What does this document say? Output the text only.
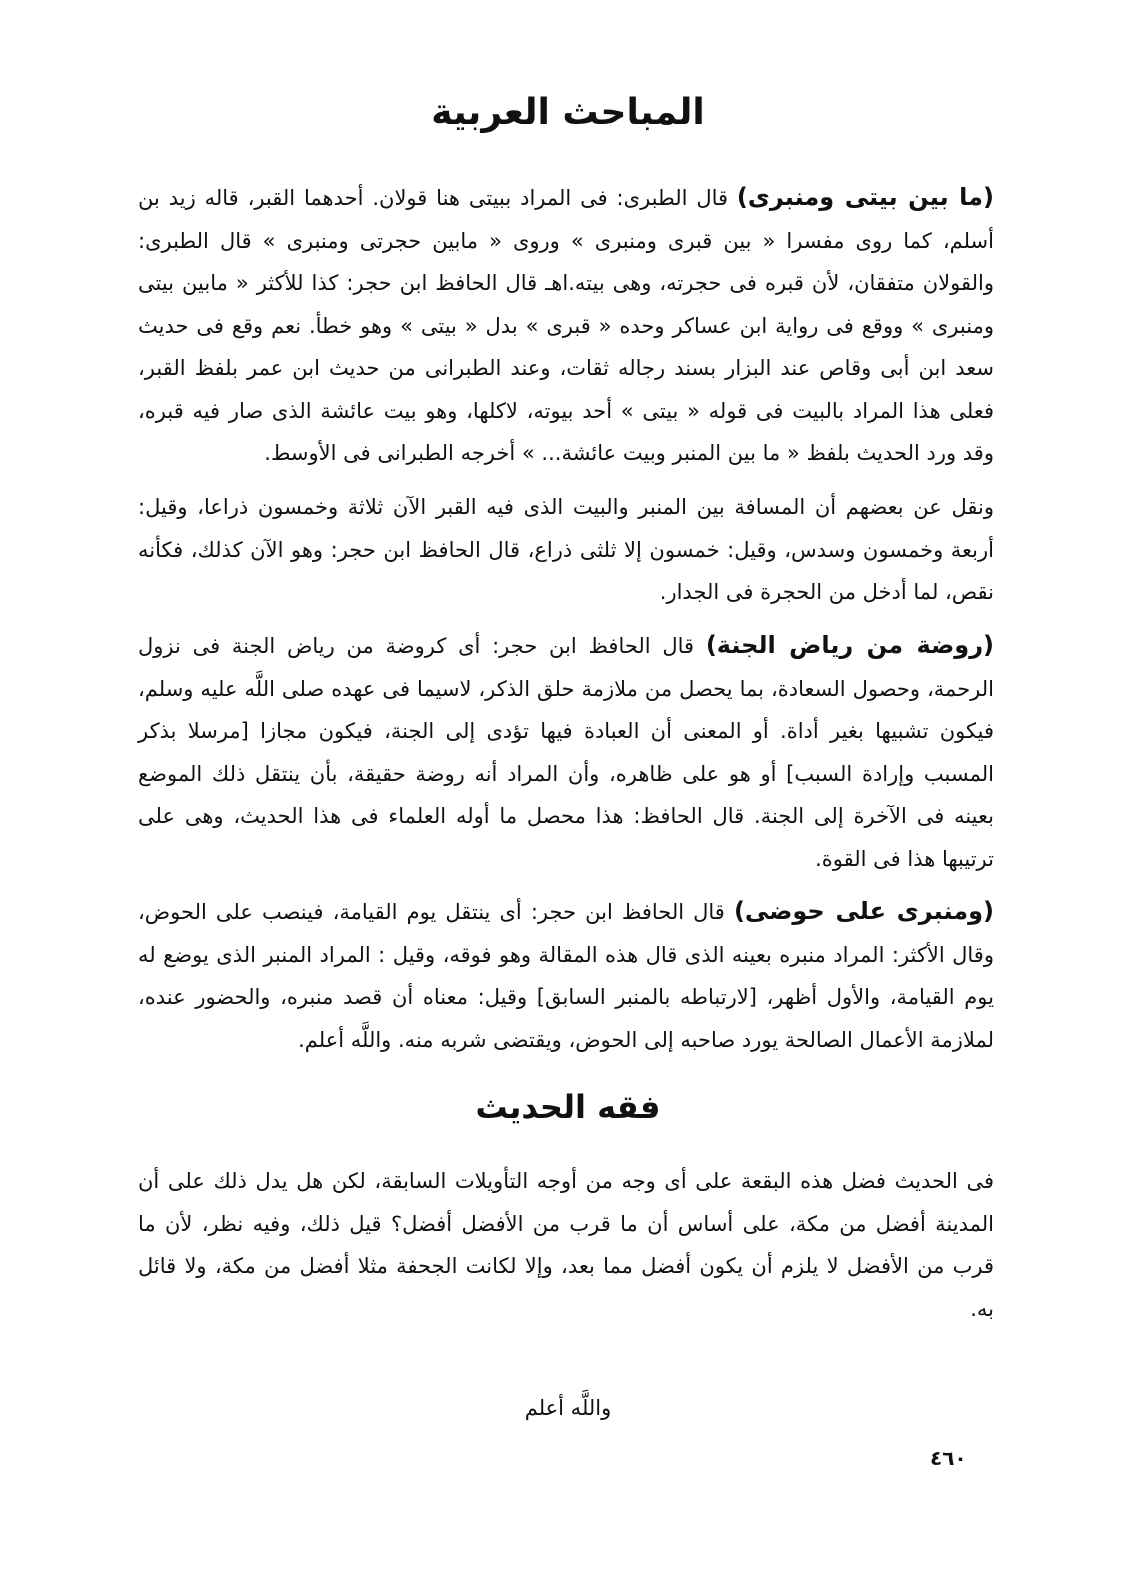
المباحث العربية

(ما بين بيتى ومنبرى) قال الطبرى: فى المراد ببيتى هنا قولان. أحدهما القبر، قاله زيد بن أسلم، كما روى مفسرا « بين قبرى ومنبرى » وروى « مابين حجرتى ومنبرى » قال الطبرى: والقولان متفقان، لأن قبره فى حجرته، وهى بيته.اهـ قال الحافظ ابن حجر: كذا للأكثر « مابين بيتى ومنبرى » ووقع فى رواية ابن عساكر وحده « قبرى » بدل « بيتى » وهو خطأ. نعم وقع فى حديث سعد ابن أبى وقاص عند البزار بسند رجاله ثقات، وعند الطبرانى من حديث ابن عمر بلفظ القبر، فعلى هذا المراد بالبيت فى قوله « بيتى » أحد بيوته، لاكلها، وهو بيت عائشة الذى صار فيه قبره، وقد ورد الحديث بلفظ « ما بين المنبر وبيت عائشة... » أخرجه الطبرانى فى الأوسط.

ونقل عن بعضهم أن المسافة بين المنبر والبيت الذى فيه القبر الآن ثلاثة وخمسون ذراعا، وقيل: أربعة وخمسون وسدس، وقيل: خمسون إلا ثلثى ذراع، قال الحافظ ابن حجر: وهو الآن كذلك، فكأنه نقص، لما أدخل من الحجرة فى الجدار.

(روضة من رياض الجنة) قال الحافظ ابن حجر: أى كروضة من رياض الجنة فى نزول الرحمة، وحصول السعادة، بما يحصل من ملازمة حلق الذكر، لاسيما فى عهده صلى اللَّه عليه وسلم، فيكون تشبيها بغير أداة. أو المعنى أن العبادة فيها تؤدى إلى الجنة، فيكون مجازا [مرسلا بذكر المسبب وإرادة السبب] أو هو على ظاهره، وأن المراد أنه روضة حقيقة، بأن ينتقل ذلك الموضع بعينه فى الآخرة إلى الجنة. قال الحافظ: هذا محصل ما أوله العلماء فى هذا الحديث، وهى على ترتيبها هذا فى القوة.

(ومنبرى على حوضى) قال الحافظ ابن حجر: أى ينتقل يوم القيامة، فينصب على الحوض، وقال الأكثر: المراد منبره بعينه الذى قال هذه المقالة وهو فوقه، وقيل : المراد المنبر الذى يوضع له يوم القيامة، والأول أظهر، [لارتباطه بالمنبر السابق] وقيل: معناه أن قصد منبره، والحضور عنده، لملازمة الأعمال الصالحة يورد صاحبه إلى الحوض، ويقتضى شربه منه. واللَّه أعلم.

فقه الحديث

فى الحديث فضل هذه البقعة على أى وجه من أوجه التأويلات السابقة، لكن هل يدل ذلك على أن المدينة أفضل من مكة، على أساس أن ما قرب من الأفضل أفضل؟ قيل ذلك، وفيه نظر، لأن ما قرب من الأفضل لا يلزم أن يكون أفضل مما بعد، وإلا لكانت الجحفة مثلا أفضل من مكة، ولا قائل به.

واللَّه أعلم

٤٦٠
